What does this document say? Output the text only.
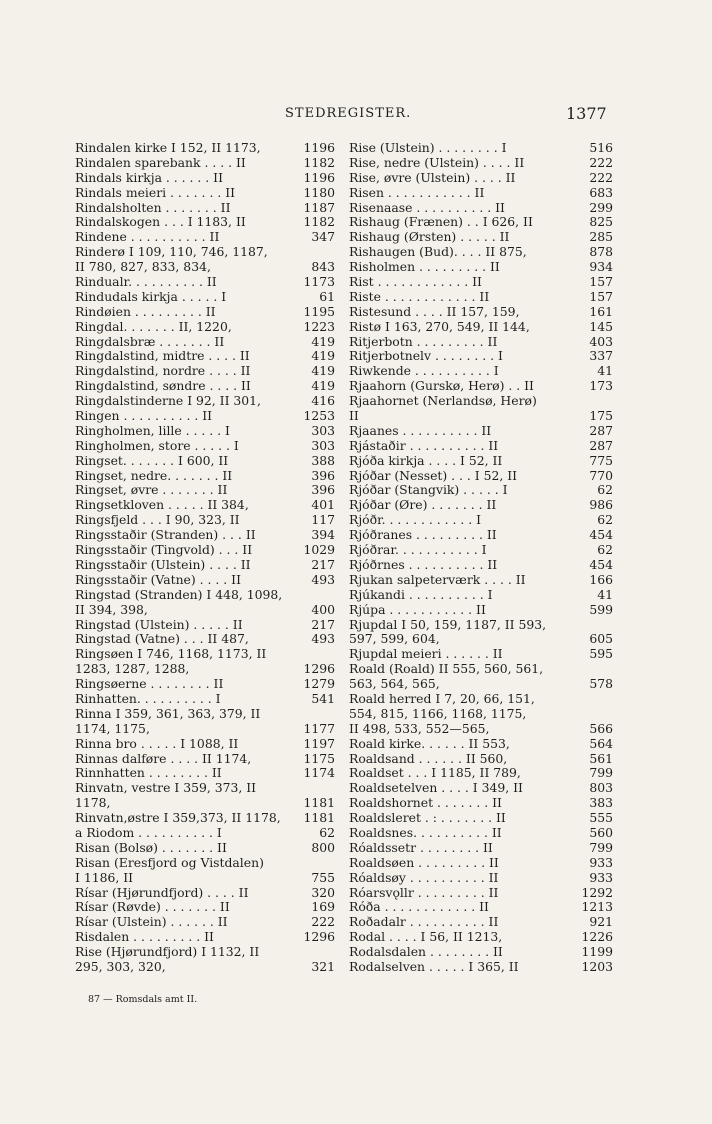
STEDREGISTER.	1377
Rindalen kirke I 152, II 1173,	1196
Rindalen sparebank . . . . II	1182
Rindals kirkja . . . . . . II	1196
Rindals meieri . . . . . . . II	1180
Rindalsholten . . . . . . . II	1187
Rindalskogen . . . I 1183, II	1182
Rindene . . . . . . . . . . II	347
Rinderø I 109, 110, 746, 1187,
II 780, 827, 833, 834,	843
Rindualr. . . . . . . . . . II	1173
Rindudals kirkja . . . . . I	61
Rindøien . . . . . . . . . II	1195
Ringdal. . . . . . . II, 1220,	1223
Ringdalsbræ . . . . . . . II	419
Ringdalstind, midtre . . . . II	419
Ringdalstind, nordre . . . . II	419
Ringdalstind, søndre . . . . II	419
Ringdalstinderne I 92, II 301,	416
Ringen . . . . . . . . . . II	1253
Ringholmen, lille . . . . . I	303
Ringholmen, store . . . . . I	303
Ringset. . . . . . . I 600, II	388
Ringset, nedre. . . . . . . II	396
Ringset, øvre . . . . . . . II	396
Ringsetkloven . . . . . II 384,	401
Ringsfjeld . . . I 90, 323, II	117
Ringsstaðir (Stranden) . . . II	394
Ringsstaðir (Tingvold) . . . II	1029
Ringsstaðir (Ulstein) . . . . II	217
Ringsstaðir (Vatne) . . . . II	493
Ringstad (Stranden) I 448, 1098,
II 394, 398,	400
Ringstad (Ulstein) . . . . . II	217
Ringstad (Vatne) . . . II 487,	493
Ringsøen I 746, 1168, 1173, II
1283, 1287, 1288,	1296
Ringsøerne . . . . . . . . II	1279
Rinhatten. . . . . . . . . . I	541
Rinna I 359, 361, 363, 379, II
1174, 1175,	1177
Rinna bro . . . . . I 1088, II	1197
Rinnas dalføre . . . . II 1174,	1175
Rinnhatten . . . . . . . . II	1174
Rinvatn, vestre I 359, 373, II
1178,	1181
Rinvatn,østre I 359,373, II 1178,	1181
a Riodom . . . . . . . . . . I	62
Risan (Bolsø) . . . . . . . II	800
Risan (Eresfjord og Vistdalen)
I 1186, II	755
Rísar (Hjørundfjord) . . . . II	320
Rísar (Røvde) . . . . . . . II	169
Rísar (Ulstein) . . . . . . II	222
Risdalen . . . . . . . . . II	1296
Rise (Hjørundfjord) I 1132, II
295, 303, 320,	321
Rise (Ulstein) . . . . . . . . I	516
Rise, nedre (Ulstein) . . . . II	222
Rise, øvre (Ulstein) . . . . II	222
Risen . . . . . . . . . . . II	683
Risenaase . . . . . . . . . . II	299
Rishaug (Frænen) . . I 626, II	825
Rishaug (Ørsten) . . . . . II	285
Rishaugen (Bud). . . . II 875,	878
Risholmen . . . . . . . . . II	934
Rist . . . . . . . . . . . . II	157
Riste . . . . . . . . . . . . II	157
Ristesund . . . . II 157, 159,	161
Ristø I 163, 270, 549, II 144,	145
Ritjerbotn . . . . . . . . . II	403
Ritjerbotnelv . . . . . . . . I	337
Riwkende . . . . . . . . . . I	41
Rjaahorn (Gurskø, Herø) . . II	173
Rjaahornet (Nerlandsø, Herø)
II	175
Rjaanes . . . . . . . . . . II	287
Rjástaðir . . . . . . . . . . II	287
Rjóða kirkja . . . . I 52, II	775
Rjóðar (Nesset) . . . I 52, II	770
Rjóðar (Stangvik) . . . . . I	62
Rjóðar (Øre) . . . . . . . II	986
Rjóðr. . . . . . . . . . . . I	62
Rjóðranes . . . . . . . . . II	454
Rjóðrar. . . . . . . . . . . I	62
Rjóðrnes . . . . . . . . . . II	454
Rjukan salpeterværk . . . . II	166
Rjúkandi . . . . . . . . . . I	41
Rjúpa . . . . . . . . . . . II	599
Rjupdal I 50, 159, 1187, II 593,
597, 599, 604,	605
Rjupdal meieri . . . . . . II	595
Roald (Roald) II 555, 560, 561,
563, 564, 565,	578
Roald herred I 7, 20, 66, 151,
554, 815, 1166, 1168, 1175,
II 498, 533, 552—565,	566
Roald kirke. . . . . . II 553,	564
Roaldsand . . . . . . II 560,	561
Roaldset . . . I 1185, II 789,	799
Roaldsetelven . . . . I 349, II	803
Roaldshornet . . . . . . . II	383
Roaldsleret . : . . . . . . . II	555
Roaldsnes. . . . . . . . . . II	560
Róaldssetr . . . . . . . . II	799
Roaldsøen . . . . . . . . . II	933
Róaldsøy . . . . . . . . . . II	933
Róarsvǫllr . . . . . . . . . II	1292
Róða . . . . . . . . . . . . II	1213
Roðadalr . . . . . . . . . . II	921
Rodal . . . . I 56, II 1213,	1226
Rodalsdalen . . . . . . . . II	1199
Rodalselven . . . . . I 365, II	1203
87 — Romsdals amt II.
